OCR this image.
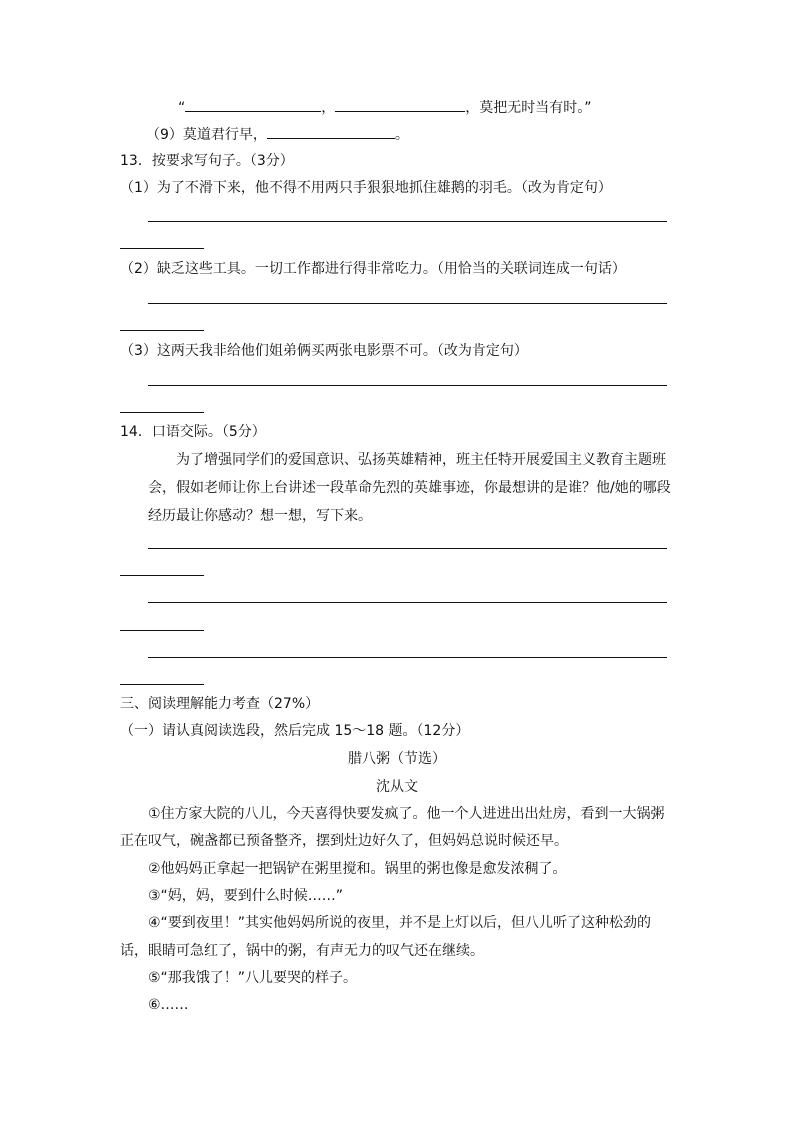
“	，	，莫把无时当有时。”
（9）莫道君行早，	。
13．按要求写句子。（3分）
（1）为了不滑下来，他不得不用两只手狠狠地抓住雄鹅的羽毛。（改为肯定句）
（2）缺乏这些工具。一切工作都进行得非常吃力。（用恰当的关联词连成一句话）
（3）这两天我非给他们姐弟俩买两张电影票不可。（改为肯定句）
14．口语交际。（5分）
为了增强同学们的爱国意识、弘扬英雄精神，班主任特开展爱国主义教育主题班
会，假如老师让你上台讲述一段革命先烈的英雄事迹，你最想讲的是谁？他/她的哪段
经历最让你感动？想一想，写下来。
三、阅读理解能力考查（27%）
（一）请认真阅读选段，然后完成 15～18 题。（12分）
腊八粥（节选）
沈从文
①住方家大院的八儿，今天喜得快要发疯了。他一个人进进出出灶房，看到一大锅粥
正在叹气，碗盏都已预备整齐，摆到灶边好久了，但妈妈总说时候还早。
②他妈妈正拿起一把锅铲在粥里搅和。锅里的粥也像是愈发浓稠了。
③“妈，妈，要到什么时候……”
④“要到夜里！”其实他妈妈所说的夜里，并不是上灯以后，但八儿听了这种松劲的
话，眼睛可急红了，锅中的粥，有声无力的叹气还在继续。
⑤“那我饿了！”八儿要哭的样子。
⑥……
